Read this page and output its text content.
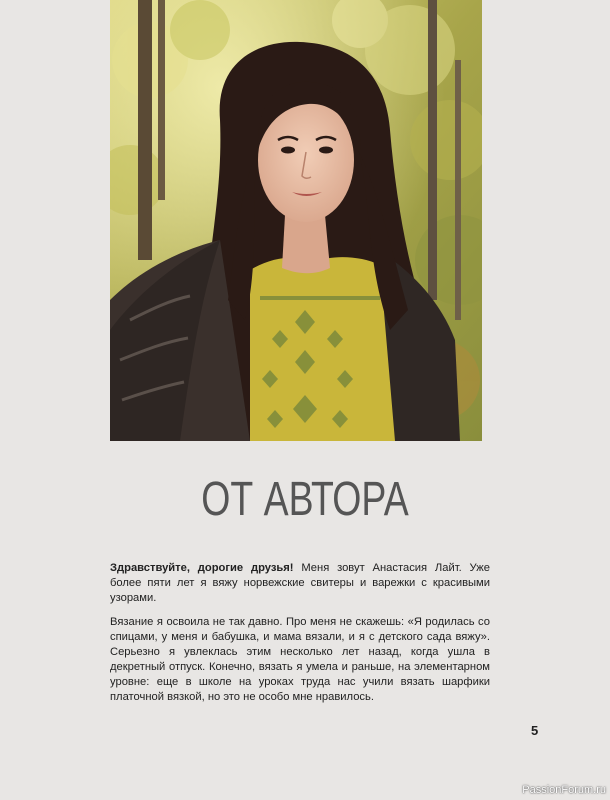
ОТ АВТОРА

Здравствуйте, дорогие друзья! Меня зовут Анастасия Лайт. Уже более пяти лет я вяжу норвежские свитеры и варежки с красивыми узорами.

Вязание я освоила не так давно. Про меня не скажешь: «Я родилась со спицами, у меня и бабушка, и мама вязали, и я с детского сада вяжу». Серьезно я увлеклась этим несколько лет назад, когда ушла в декретный отпуск. Конечно, вязать я умела и раньше, на элементарном уровне: еще в школе на уроках труда нас учили вязать шарфики платочной вязкой, но это не особо мне нравилось.

5
PassionForum.ru
